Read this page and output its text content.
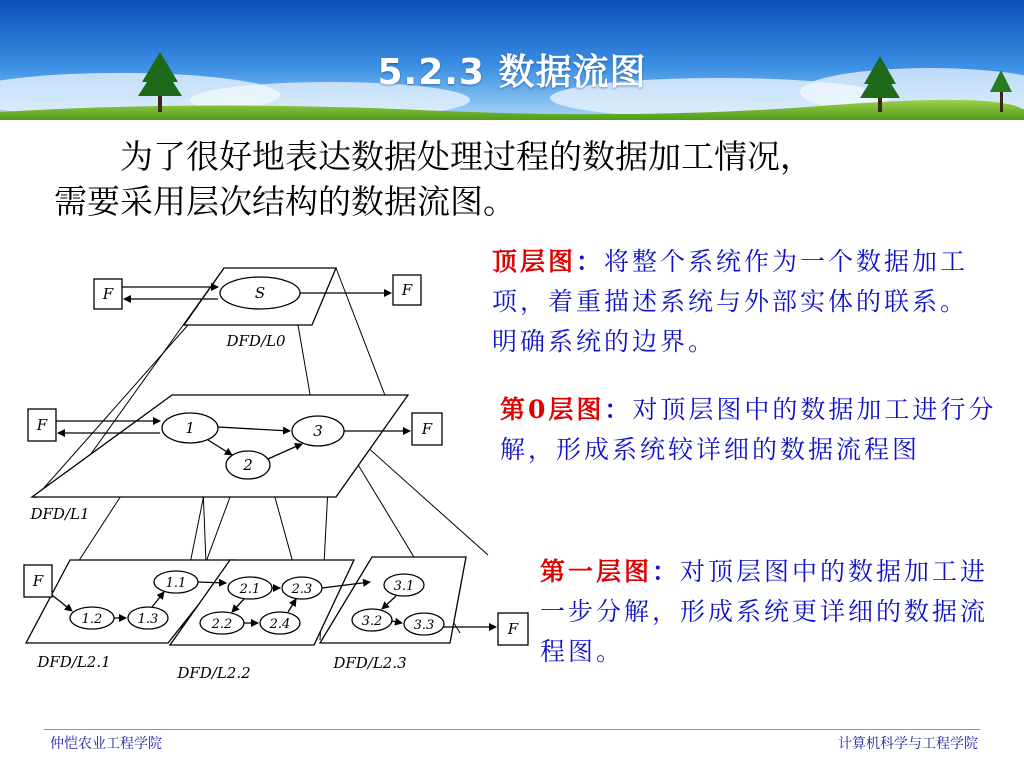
5.2.3 数据流图
为了很好地表达数据处理过程的数据加工情况，
需要采用层次结构的数据流图。
F	F
S
DFD/L0
F	F
1
2
3
DFD/L1
F
F
1.1
1.2	1.3
DFD/L2.1
2.1
2.2
2.3
2.4
DFD/L2.2
3.1
3.2 3.3
DFD/L2.3
顶层图：将整个系统作为一个数据加工项，着重描述系统与外部实体的联系。明确系统的边界。
第0层图：对顶层图中的数据加工进行分解，形成系统较详细的数据流程图
第一层图：对顶层图中的数据加工进一步分解，形成系统更详细的数据流程图。
仲恺农业工程学院	计算机科学与工程学院
